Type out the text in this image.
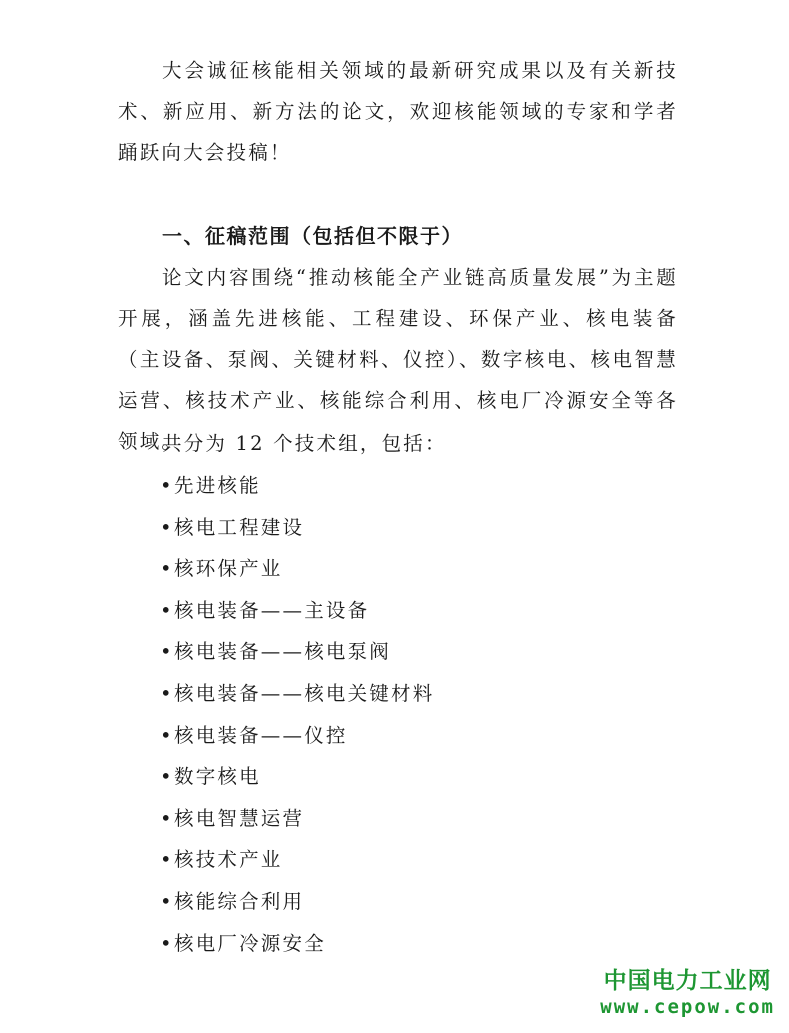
大会诚征核能相关领域的最新研究成果以及有关新技术、新应用、新方法的论文，欢迎核能领域的专家和学者踊跃向大会投稿！

一、征稿范围（包括但不限于）

论文内容围绕“推动核能全产业链高质量发展”为主题开展，涵盖先进核能、工程建设、环保产业、核电装备（主设备、泵阀、关键材料、仪控）、数字核电、核电智慧运营、核技术产业、核能综合利用、核电厂冷源安全等各领域。

共分为 12 个技术组，包括：

•先进核能
•核电工程建设
•核环保产业
•核电装备——主设备
•核电装备——核电泵阀
•核电装备——核电关键材料
•核电装备——仪控
•数字核电
•核电智慧运营
•核技术产业
•核能综合利用
•核电厂冷源安全
中国电力工业网
www.cepow.com
